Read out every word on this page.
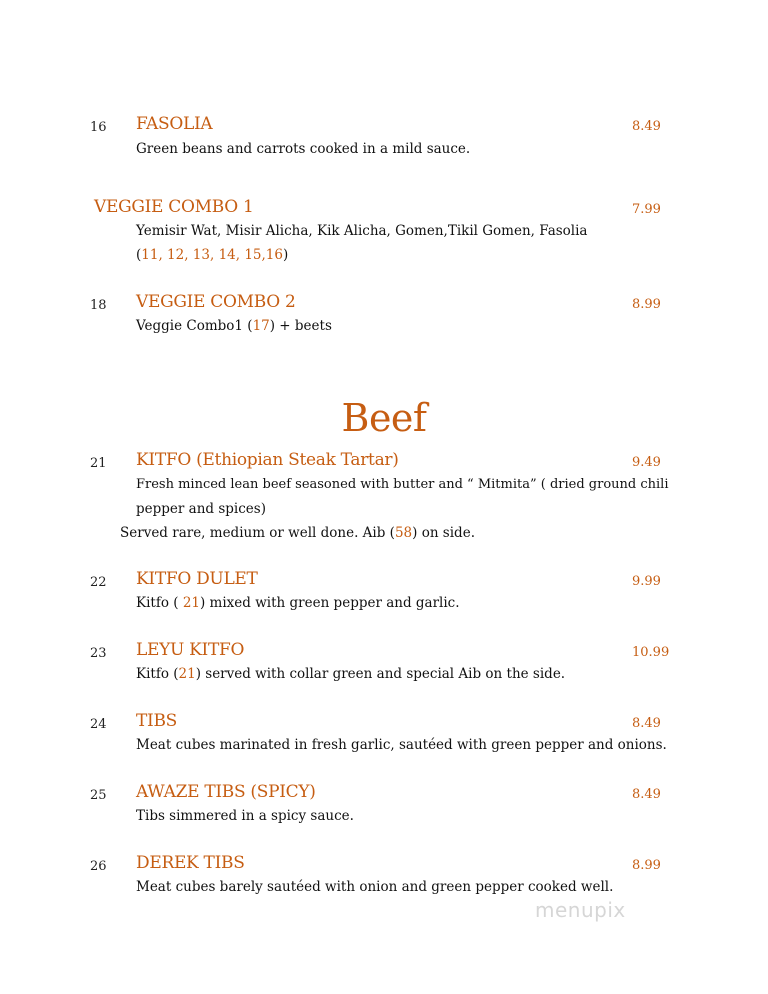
16 FASOLIA	8.49
Green beans and carrots cooked in a mild sauce.
VEGGIE COMBO 1	7.99
Yemisir Wat, Misir Alicha, Kik Alicha, Gomen,Tikil Gomen, Fasolia
(11, 12, 13, 14, 15,16)
18 VEGGIE COMBO 2	8.99
Veggie Combo1 (17) + beets
Beef
21 KITFO (Ethiopian Steak Tartar)	9.49
Fresh minced lean beef seasoned with butter and “ Mitmita” ( dried ground chili
pepper and spices)
Served rare, medium or well done. Aib (58) on side.
22 KITFO DULET	9.99
Kitfo ( 21) mixed with green pepper and garlic.
23 LEYU KITFO	10.99
Kitfo (21) served with collar green and special Aib on the side.
24 TIBS	8.49
Meat cubes marinated in fresh garlic, sautéed with green pepper and onions.
25 AWAZE TIBS (SPICY)	8.49
Tibs simmered in a spicy sauce.
26 DEREK TIBS	8.99
Meat cubes barely sautéed with onion and green pepper cooked well.
menupix
